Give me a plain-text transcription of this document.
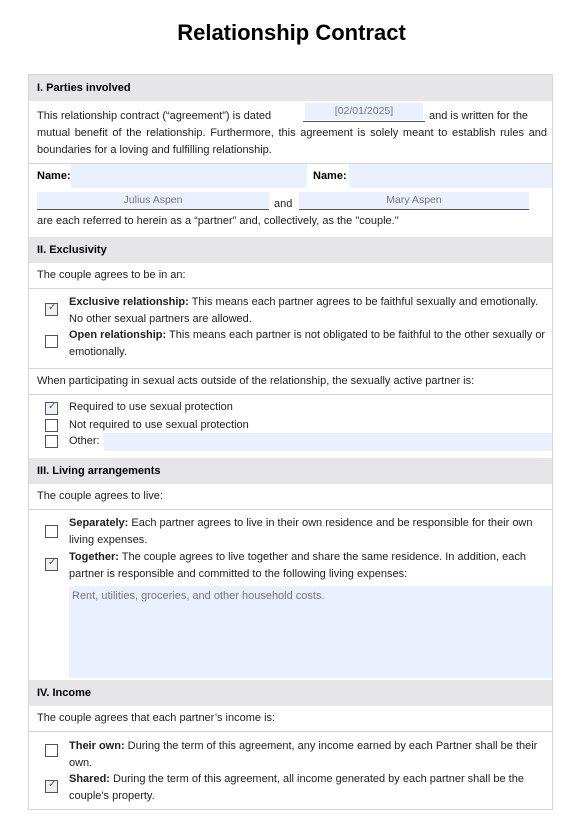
Relationship Contract
I. Parties involved
This relationship contract (“agreement”) is dated	[02/01/2025]	and is written for the
mutual benefit of the relationship. Furthermore, this agreement is solely meant to establish rules and boundaries for a loving and fulfilling relationship.
Name:	Name:
Julius Aspen	and	Mary Aspen
are each referred to herein as a “partner” and, collectively, as the "couple."
II. Exclusivity
The couple agrees to be in an:
✓
Exclusive relationship: This means each partner agrees to be faithful sexually and emotionally. No other sexual partners are allowed.
Open relationship: This means each partner is not obligated to be faithful to the other sexually or emotionally.
When participating in sexual acts outside of the relationship, the sexually active partner is:
✓
Required to use sexual protection
Not required to use sexual protection
Other:
III. Living arrangements
The couple agrees to live:
Separately: Each partner agrees to live in their own residence and be responsible for their own living expenses.
✓
Together: The couple agrees to live together and share the same residence. In addition, each partner is responsible and committed to the following living expenses:
Rent, utilities, groceries, and other household costs.
IV. Income
The couple agrees that each partner’s income is:
Their own: During the term of this agreement, any income earned by each Partner shall be their own.
✓
Shared: During the term of this agreement, all income generated by each partner shall be the couple's property.
